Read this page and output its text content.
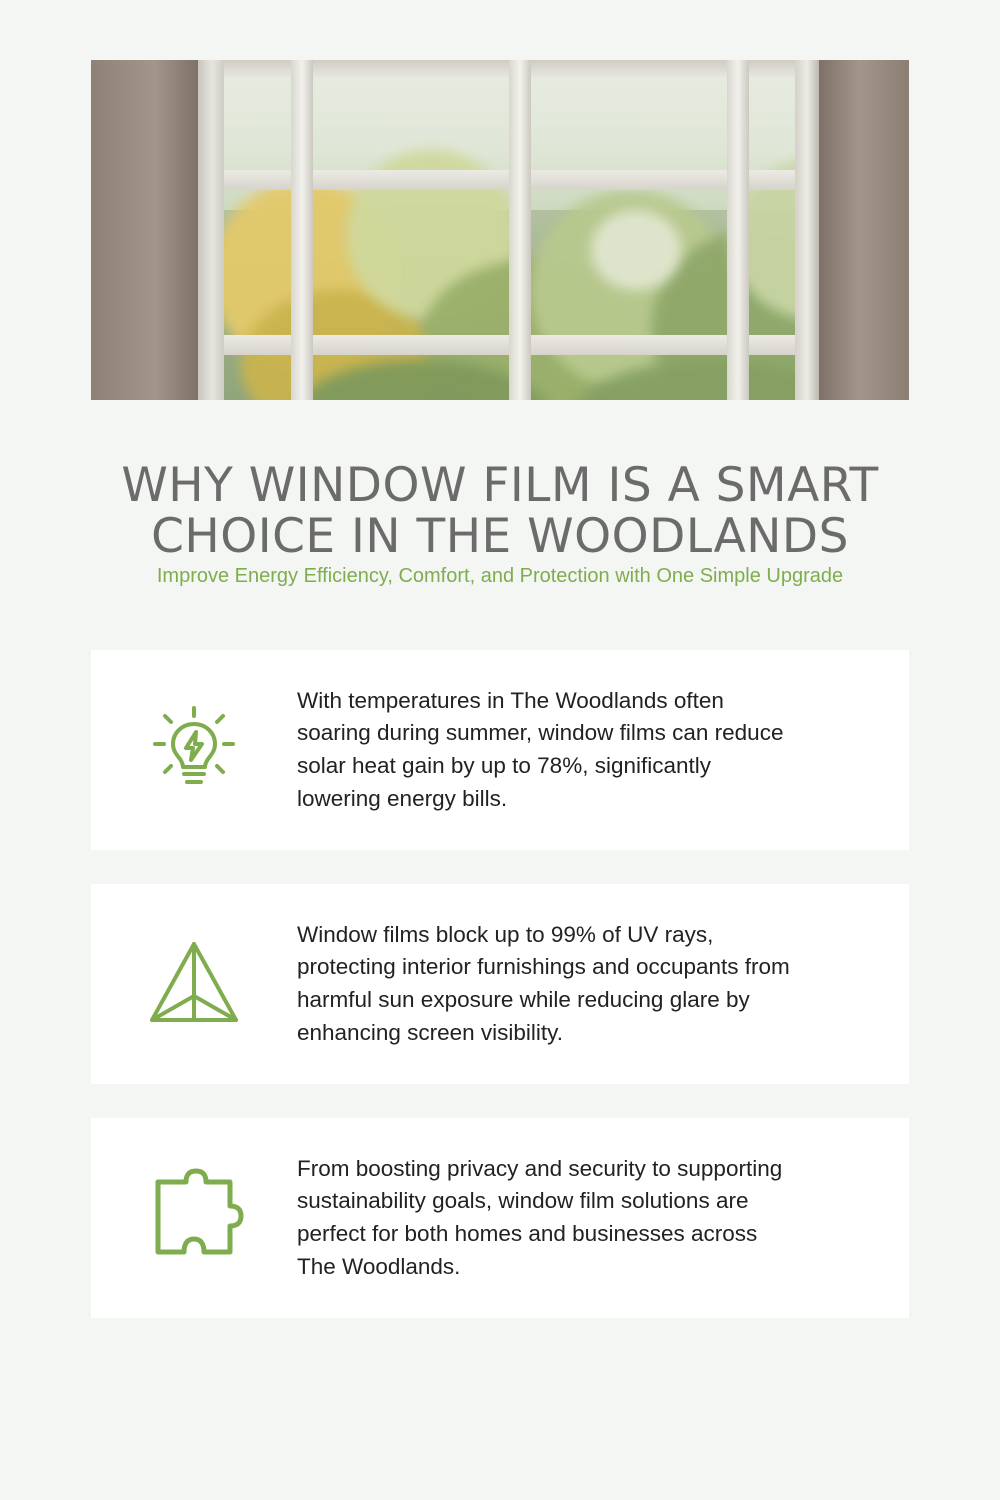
WHY WINDOW FILM IS A SMART CHOICE IN THE WOODLANDS

Improve Energy Efficiency, Comfort, and Protection with One Simple Upgrade

With temperatures in The Woodlands often soaring during summer, window films can reduce solar heat gain by up to 78%, significantly lowering energy bills.
Window films block up to 99% of UV rays, protecting interior furnishings and occupants from harmful sun exposure while reducing glare by enhancing screen visibility.
From boosting privacy and security to supporting sustainability goals, window film solutions are perfect for both homes and businesses across The Woodlands.
